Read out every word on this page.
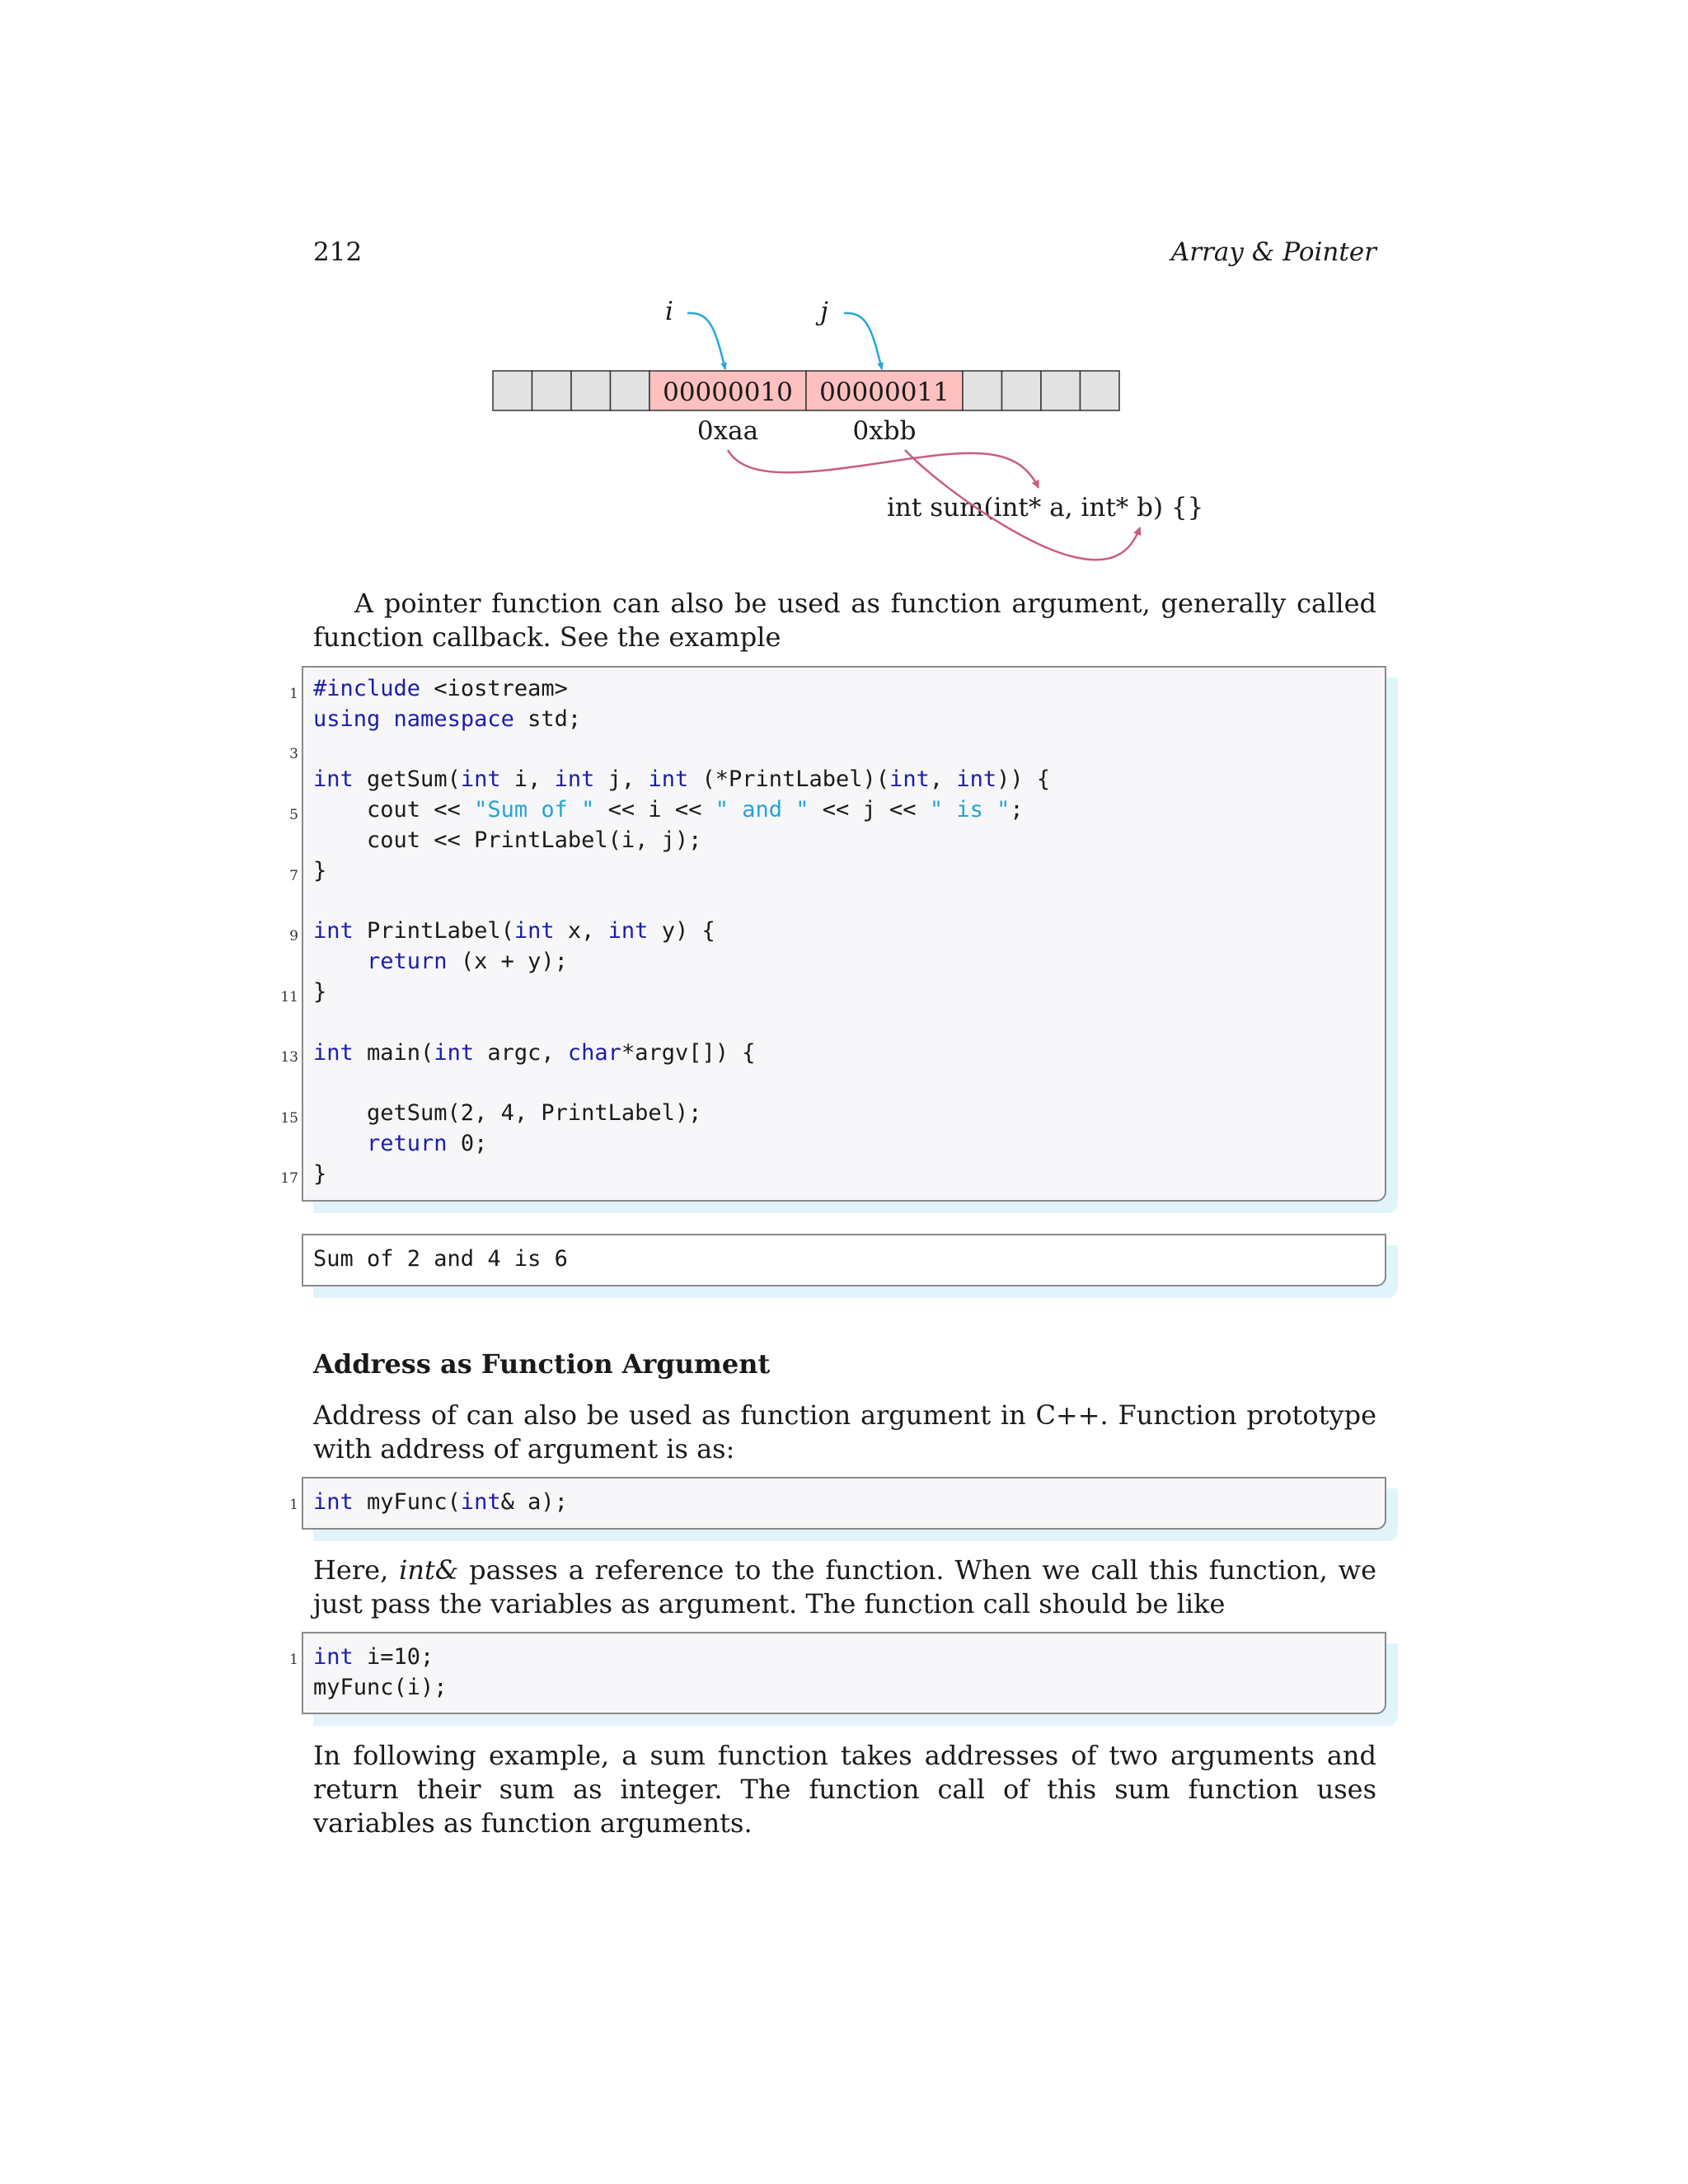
212	Array & Pointer
00000010 00000011
i	j
0xaa	0xbb
int sum(int* a, int* b) {}

A pointer function can also be used as function argument, generally called function callback. See the example

1
3
5
7
9
11
13
15
17
#include <iostream>
using namespace std;

int getSum(int i, int j, int (*PrintLabel)(int, int)) {
cout << "Sum of " << i << " and " << j << " is ";
cout << PrintLabel(i, j);
}

int PrintLabel(int x, int y) {
return (x + y);
}

int main(int argc, char*argv[]) {

getSum(2, 4, PrintLabel);
return 0;
}
Sum of 2 and 4 is 6
Address as Function Argument

Address of can also be used as function argument in C++. Function prototype with address of argument is as:

1 int myFunc(int& a);

Here, int& passes a reference to the function. When we call this function, we just pass the variables as argument. The function call should be like

1 int i=10;
myFunc(i);

In following example, a sum function takes addresses of two arguments and return their sum as integer. The function call of this sum function uses variables as function arguments.
